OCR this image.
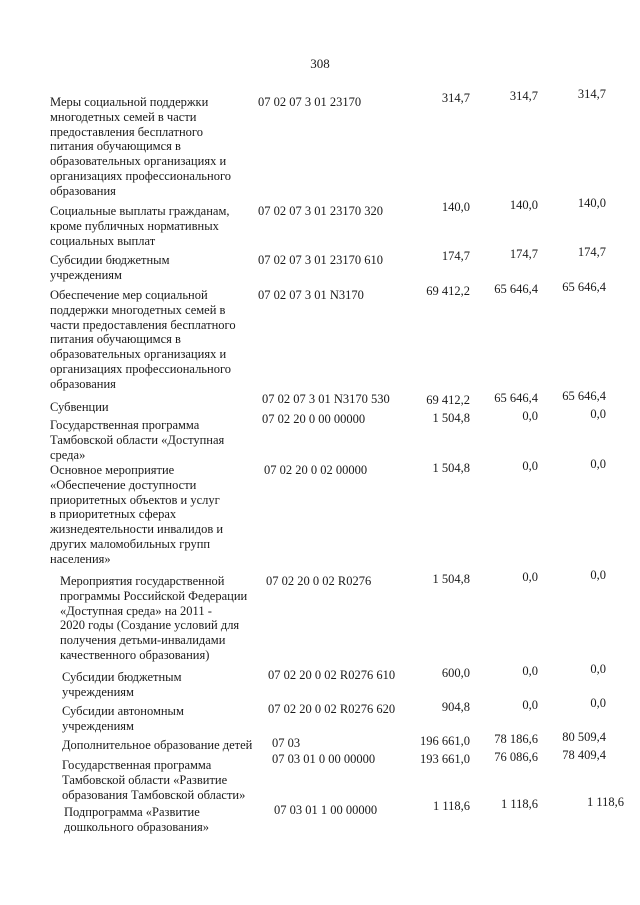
308
Меры социальной поддержки
многодетных семей в части
предоставления бесплатного
питания обучающимся в
образовательных организациях и
организациях профессионального
образования
07 02 07 3 01 23170	314,7	314,7	314,7
Социальные выплаты гражданам,
кроме публичных нормативных
социальных выплат
07 02 07 3 01 23170 320	140,0	140,0	140,0
Субсидии бюджетным
учреждениям
07 02 07 3 01 23170 610	174,7	174,7	174,7
Обеспечение мер социальной
поддержки многодетных семей в
части предоставления бесплатного
питания обучающимся в
образовательных организациях и
организациях профессионального
образования
07 02 07 3 01 N3170	69 412,2	65 646,4	65 646,4
Субвенции
07 02 07 3 01 N3170 530	69 412,2	65 646,4	65 646,4
Государственная программа
Тамбовской области «Доступная
среда»
07 02 20 0 00 00000	1 504,8	0,0	0,0
Основное мероприятие
«Обеспечение доступности
приоритетных объектов и услуг
в приоритетных сферах
жизнедеятельности инвалидов и
других маломобильных групп
населения»
07 02 20 0 02 00000	1 504,8	0,0	0,0
Мероприятия государственной
программы Российской Федерации
«Доступная среда» на 2011 -
2020 годы (Создание условий для
получения детьми-инвалидами
качественного образования)
07 02 20 0 02 R0276	1 504,8	0,0	0,0
Субсидии бюджетным
учреждениям
07 02 20 0 02 R0276 610	600,0	0,0	0,0
Субсидии автономным
учреждениям
07 02 20 0 02 R0276 620	904,8	0,0	0,0
Дополнительное образование детей	07 03	196 661,0	78 186,6	80 509,4
Государственная программа
Тамбовской области «Развитие
образования Тамбовской области»
07 03 01 0 00 00000	193 661,0	76 086,6	78 409,4
Подпрограмма «Развитие
дошкольного образования»
07 03 01 1 00 00000	1 118,6	1 118,6	1 118,6
